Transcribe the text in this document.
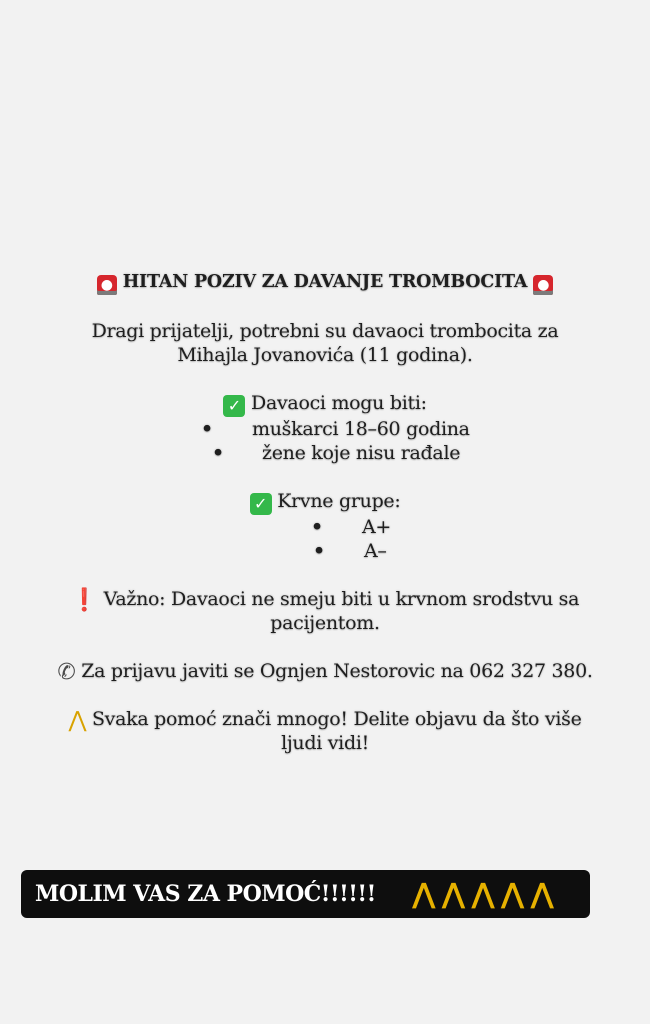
● HITAN POZIV ZA DAVANJE TROMBOCITA ●
Dragi prijatelji, potrebni su davaoci trombocita za
Mihajla Jovanovića (11 godina).
✓ Davaoci mogu biti:
• muškarci 18–60 godina
• žene koje nisu rađale
✓ Krvne grupe:
• A+
• A–
❗ Važno: Davaoci ne smeju biti u krvnom srodstvu sa
pacijentom.
✆ Za prijavu javiti se Ognjen Nestorovic na 062 327 380.
⋀ Svaka pomoć znači mnogo! Delite objavu da što više
ljudi vidi!
MOLIM VAS ZA POMOĆ!!!!!! ⋀⋀⋀⋀⋀
